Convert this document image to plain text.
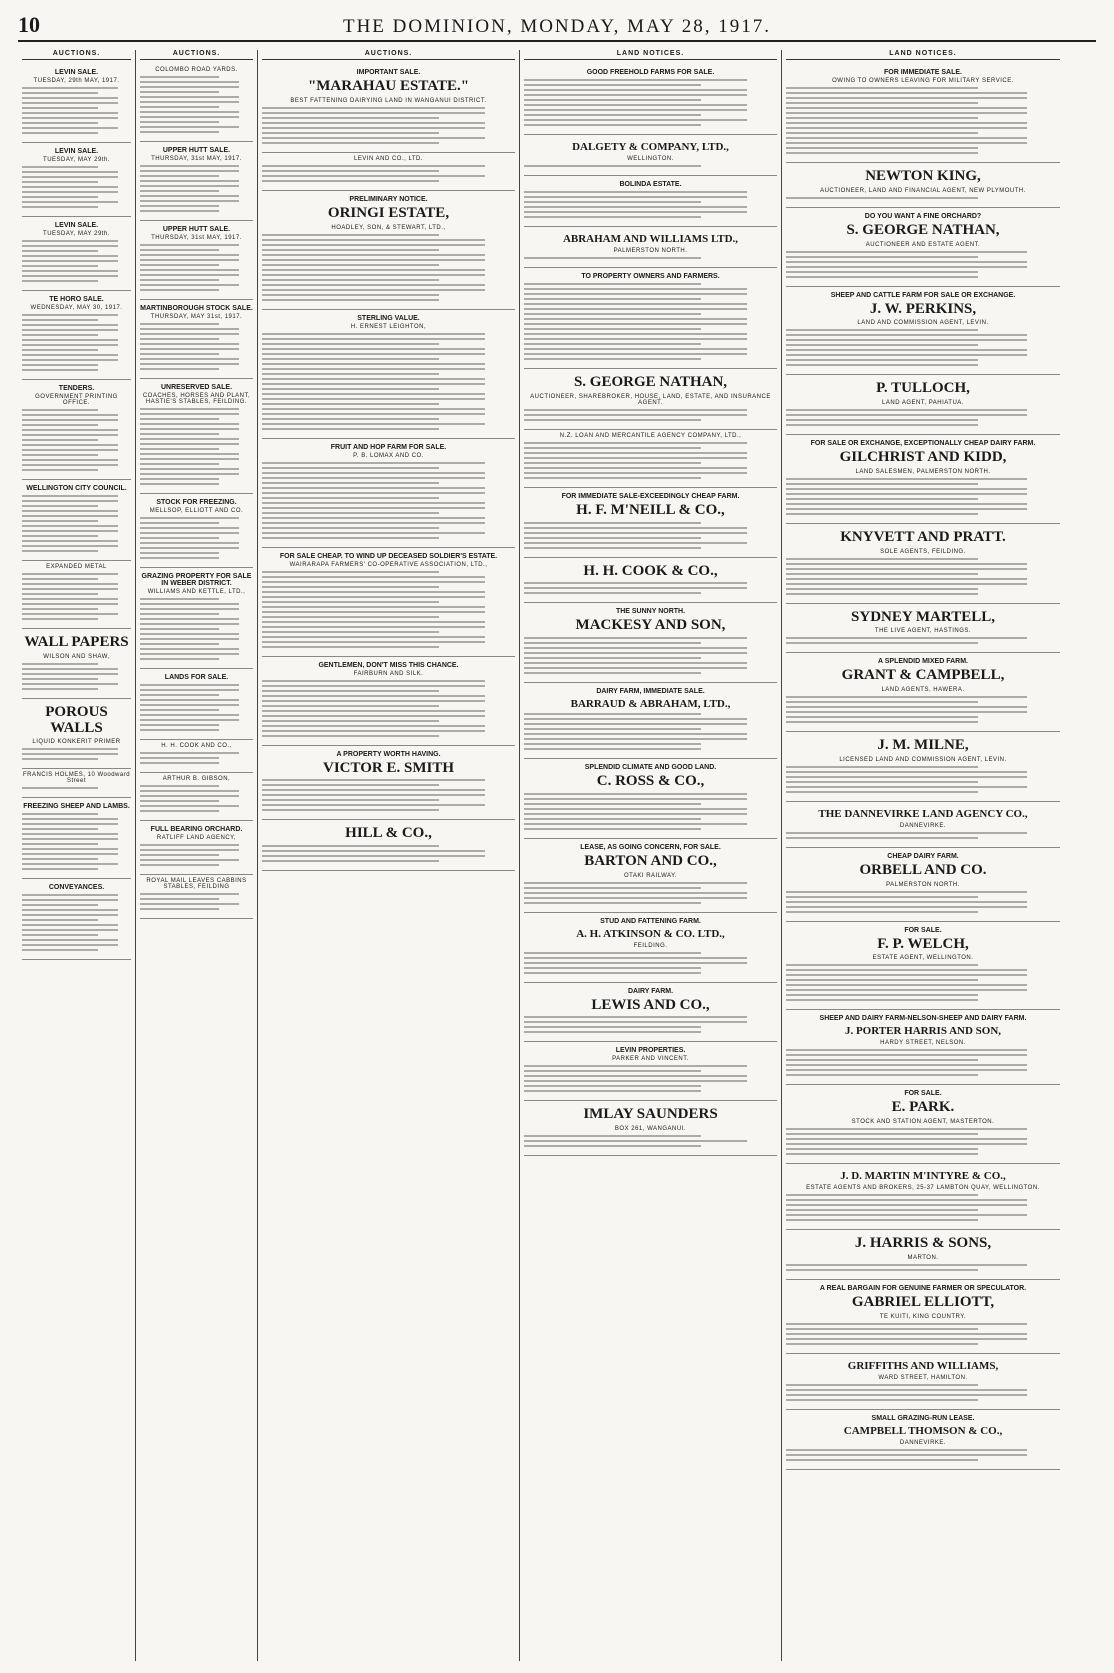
10	THE DOMINION, MONDAY, MAY 28, 1917.
AUCTIONS.
LEVIN SALE.
TUESDAY, 29th MAY, 1917.
LEVIN SALE.
TUESDAY, MAY 29th.
LEVIN SALE.
TUESDAY, MAY 29th.
TE HORO SALE.
WEDNESDAY, MAY 30, 1917.
TENDERS.
GOVERNMENT PRINTING OFFICE.
WELLINGTON CITY COUNCIL.
EXPANDED METAL
WALL PAPERS
WILSON AND SHAW,
POROUS WALLS
LIQUID KONKERIT PRIMER
FRANCIS HOLMES, 10 Woodward Street
FREEZING SHEEP AND LAMBS.
CONVEYANCES.
AUCTIONS.
COLOMBO ROAD YARDS.
UPPER HUTT SALE.
THURSDAY, 31st MAY, 1917.
UPPER HUTT SALE.
THURSDAY, 31st MAY, 1917.
MARTINBOROUGH STOCK SALE.
THURSDAY, MAY 31st, 1917.
UNRESERVED SALE.
COACHES, HORSES AND PLANT, HASTIE'S STABLES, FEILDING.
STOCK FOR FREEZING.
MELLSOP, ELLIOTT AND CO.
GRAZING PROPERTY FOR SALE IN WEBER DISTRICT.
WILLIAMS AND KETTLE, LTD.,
LANDS FOR SALE.
H. H. COOK AND CO.,
ARTHUR B. GIBSON,
FULL BEARING ORCHARD.
RATLIFF LAND AGENCY,
ROYAL MAIL LEAVES CABBINS STABLES, FEILDING
AUCTIONS.
IMPORTANT SALE.
"MARAHAU ESTATE."
BEST FATTENING DAIRYING LAND IN WANGANUI DISTRICT.
LEVIN AND CO., LTD.
PRELIMINARY NOTICE.
ORINGI ESTATE,
HOADLEY, SON, & STEWART, LTD.,
STERLING VALUE.
H. ERNEST LEIGHTON,
FRUIT AND HOP FARM FOR SALE.
P. B. LOMAX AND CO.
FOR SALE CHEAP. TO WIND UP DECEASED SOLDIER'S ESTATE.
WAIRARAPA FARMERS' CO-OPERATIVE ASSOCIATION, LTD.,
GENTLEMEN, DON'T MISS THIS CHANCE.
FAIRBURN AND SILK.
A PROPERTY WORTH HAVING.
VICTOR E. SMITH
HILL & CO.,
LAND NOTICES.
GOOD FREEHOLD FARMS FOR SALE.
DALGETY & COMPANY, LTD.,
WELLINGTON.
BOLINDA ESTATE.
ABRAHAM AND WILLIAMS LTD.,
PALMERSTON NORTH.
TO PROPERTY OWNERS AND FARMERS.
S. GEORGE NATHAN,
AUCTIONEER, SHAREBROKER, HOUSE, LAND, ESTATE, AND INSURANCE AGENT.
N.Z. LOAN AND MERCANTILE AGENCY COMPANY, LTD.,
FOR IMMEDIATE SALE-EXCEEDINGLY CHEAP FARM.
H. F. M'NEILL & CO.,
H. H. COOK & CO.,
THE SUNNY NORTH.
MACKESY AND SON,
DAIRY FARM, IMMEDIATE SALE.
BARRAUD & ABRAHAM, LTD.,
SPLENDID CLIMATE AND GOOD LAND.
C. ROSS & CO.,
LEASE, AS GOING CONCERN, FOR SALE.
BARTON AND CO.,
OTAKI RAILWAY.
STUD AND FATTENING FARM.
A. H. ATKINSON & CO. LTD.,
FEILDING.
DAIRY FARM.
LEWIS AND CO.,
LEVIN PROPERTIES.
PARKER AND VINCENT.
IMLAY SAUNDERS
BOX 261, WANGANUI.
LAND NOTICES.
FOR IMMEDIATE SALE.
OWING TO OWNERS LEAVING FOR MILITARY SERVICE.
NEWTON KING,
AUCTIONEER, LAND AND FINANCIAL AGENT, NEW PLYMOUTH.
DO YOU WANT A FINE ORCHARD?
S. GEORGE NATHAN,
AUCTIONEER AND ESTATE AGENT.
SHEEP AND CATTLE FARM FOR SALE OR EXCHANGE.
J. W. PERKINS,
LAND AND COMMISSION AGENT, LEVIN.
P. TULLOCH,
LAND AGENT, PAHIATUA.
FOR SALE OR EXCHANGE, EXCEPTIONALLY CHEAP DAIRY FARM.
GILCHRIST AND KIDD,
LAND SALESMEN, PALMERSTON NORTH.
KNYVETT AND PRATT.
SOLE AGENTS, FEILDING.
SYDNEY MARTELL,
THE LIVE AGENT, HASTINGS.
A SPLENDID MIXED FARM.
GRANT & CAMPBELL,
LAND AGENTS, HAWERA.
J. M. MILNE,
LICENSED LAND AND COMMISSION AGENT, LEVIN.
THE DANNEVIRKE LAND AGENCY CO.,
DANNEVIRKE.
CHEAP DAIRY FARM.
ORBELL AND CO.
PALMERSTON NORTH.
FOR SALE.
F. P. WELCH,
ESTATE AGENT, WELLINGTON.
SHEEP AND DAIRY FARM-NELSON-SHEEP AND DAIRY FARM.
J. PORTER HARRIS AND SON,
HARDY STREET, NELSON.
FOR SALE.
E. PARK.
STOCK AND STATION AGENT, MASTERTON.
J. D. MARTIN M'INTYRE & CO.,
ESTATE AGENTS AND BROKERS, 25-37 LAMBTON QUAY, WELLINGTON.
J. HARRIS & SONS,
MARTON.
A REAL BARGAIN FOR GENUINE FARMER OR SPECULATOR.
GABRIEL ELLIOTT,
TE KUITI, KING COUNTRY.
GRIFFITHS AND WILLIAMS,
WARD STREET, HAMILTON.
SMALL GRAZING-RUN LEASE.
CAMPBELL THOMSON & CO.,
DANNEVIRKE.
